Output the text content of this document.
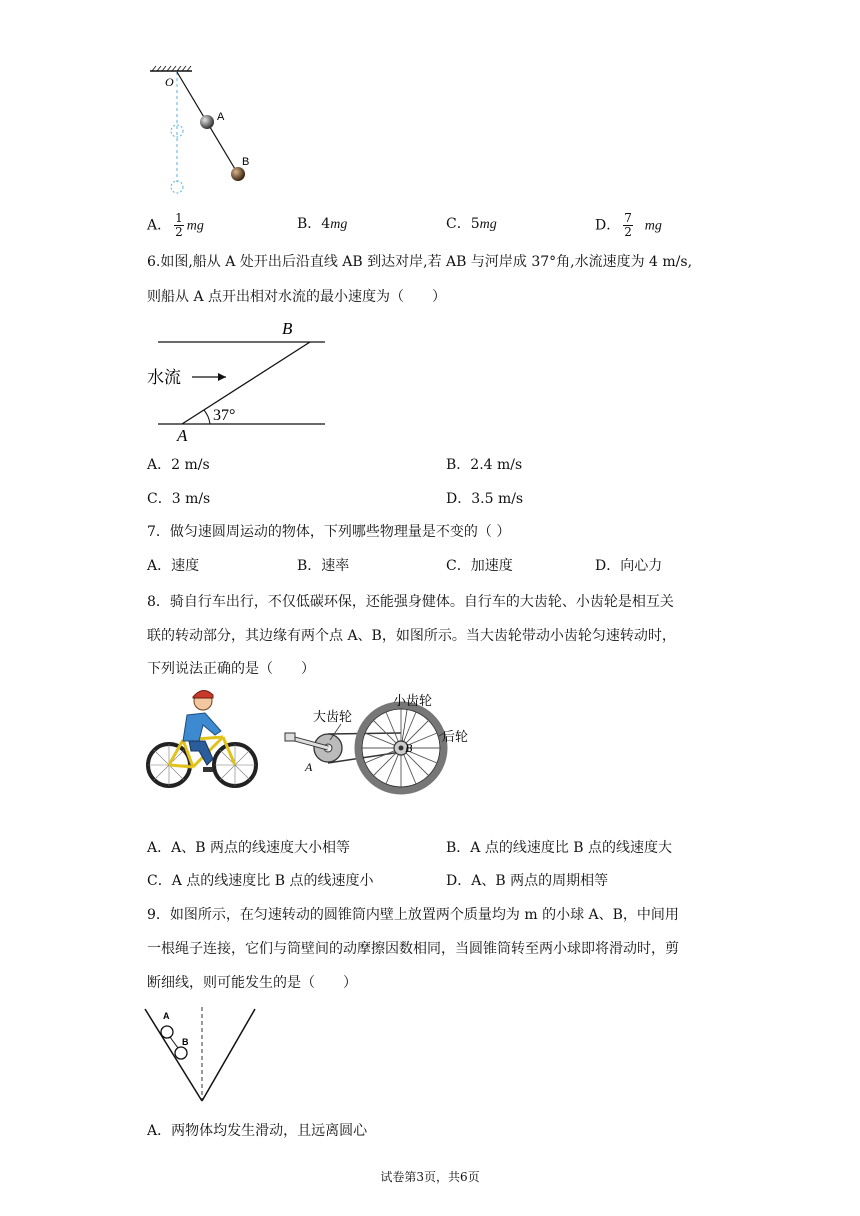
O
A
B
A． $\frac{1}{2}$ mg	B．4mg	C．5mg	D． $\frac{7}{2}$ mg
6.如图,船从 A 处开出后沿直线 AB 到达对岸,若 AB 与河岸成 37°角,水流速度为 4 m/s,
则船从 A 点开出相对水流的最小速度为（　　）
B
A
水流
37°
A．2 m/s	B．2.4 m/s
C．3 m/s	D．3.5 m/s
7．做匀速圆周运动的物体，下列哪些物理量是不变的（ ）
A．速度	B．速率	C．加速度	D．向心力
8．骑自行车出行，不仅低碳环保，还能强身健体。自行车的大齿轮、小齿轮是相互关
联的转动部分，其边缘有两个点 A、B，如图所示。当大齿轮带动小齿轮匀速转动时，
下列说法正确的是（　　）
大齿轮
小齿轮
后轮
A
B
A．A、B 两点的线速度大小相等	B．A 点的线速度比 B 点的线速度大
C．A 点的线速度比 B 点的线速度小	D．A、B 两点的周期相等
9．如图所示，在匀速转动的圆锥筒内壁上放置两个质量均为 m 的小球 A、B，中间用
一根绳子连接，它们与筒壁间的动摩擦因数相同，当圆锥筒转至两小球即将滑动时，剪
断细线，则可能发生的是（　　）
A
B
A．两物体均发生滑动，且远离圆心
试卷第3页，共6页
